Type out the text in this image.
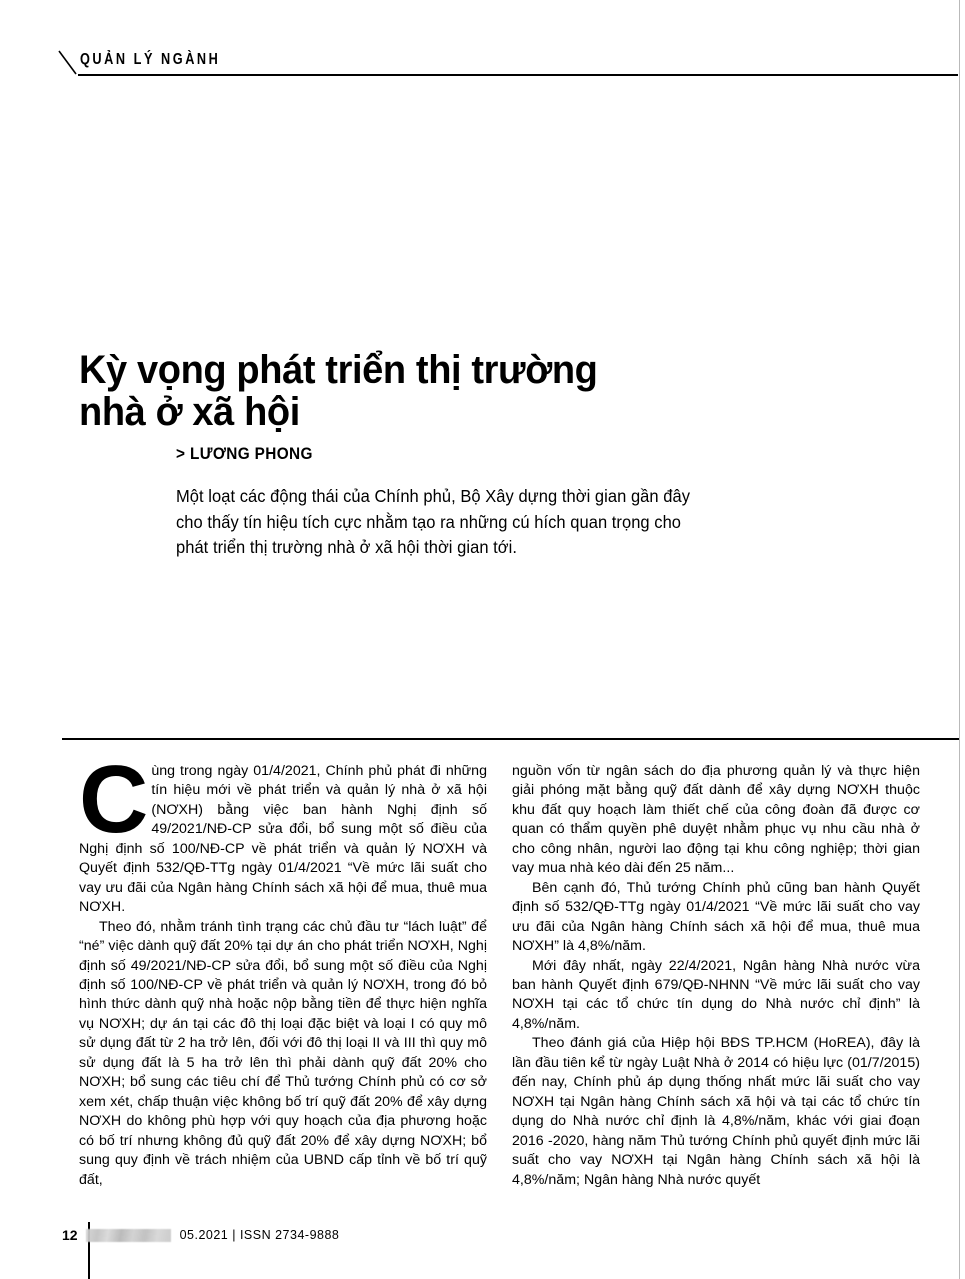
QUẢN LÝ NGÀNH
Kỳ vọng phát triển thị trường
nhà ở xã hội
> LƯƠNG PHONG
Một loạt các động thái của Chính phủ, Bộ Xây dựng thời gian gần đây cho thấy tín hiệu tích cực nhằm tạo ra những cú hích quan trọng cho phát triển thị trường nhà ở xã hội thời gian tới.

Cùng trong ngày 01/4/2021, Chính phủ phát đi những tín hiệu mới về phát triển và quản lý nhà ở xã hội (NƠXH) bằng việc ban hành Nghị định số 49/2021/NĐ-CP sửa đổi, bổ sung một số điều của Nghị định số 100/NĐ-CP về phát triển và quản lý NƠXH và Quyết định 532/QĐ-TTg ngày 01/4/2021 “Về mức lãi suất cho vay ưu đãi của Ngân hàng Chính sách xã hội để mua, thuê mua NƠXH.

Theo đó, nhằm tránh tình trạng các chủ đầu tư “lách luật” để “né” việc dành quỹ đất 20% tại dự án cho phát triển NƠXH, Nghị định số 49/2021/NĐ-CP sửa đổi, bổ sung một số điều của Nghị định số 100/NĐ-CP về phát triển và quản lý NƠXH, trong đó bỏ hình thức dành quỹ nhà hoặc nộp bằng tiền để thực hiện nghĩa vụ NƠXH; dự án tại các đô thị loại đặc biệt và loại I có quy mô sử dụng đất từ 2 ha trở lên, đối với đô thị loại II và III thì quy mô sử dụng đất là 5 ha trở lên thì phải dành quỹ đất 20% cho NƠXH; bổ sung các tiêu chí để Thủ tướng Chính phủ có cơ sở xem xét, chấp thuận việc không bố trí quỹ đất 20% để xây dựng NƠXH do không phù hợp với quy hoạch của địa phương hoặc có bố trí nhưng không đủ quỹ đất 20% để xây dựng NƠXH; bổ sung quy định về trách nhiệm của UBND cấp tỉnh về bố trí quỹ đất,

nguồn vốn từ ngân sách do địa phương quản lý và thực hiện giải phóng mặt bằng quỹ đất dành để xây dựng NƠXH thuộc khu đất quy hoạch làm thiết chế của công đoàn đã được cơ quan có thẩm quyền phê duyệt nhằm phục vụ nhu cầu nhà ở cho công nhân, người lao động tại khu công nghiệp; thời gian vay mua nhà kéo dài đến 25 năm...

Bên cạnh đó, Thủ tướng Chính phủ cũng ban hành Quyết định số 532/QĐ-TTg ngày 01/4/2021 “Về mức lãi suất cho vay ưu đãi của Ngân hàng Chính sách xã hội để mua, thuê mua NƠXH” là 4,8%/năm.

Mới đây nhất, ngày 22/4/2021, Ngân hàng Nhà nước vừa ban hành Quyết định 679/QĐ-NHNN “Về mức lãi suất cho vay NƠXH tại các tổ chức tín dụng do Nhà nước chỉ định” là 4,8%/năm.

Theo đánh giá của Hiệp hội BĐS TP.HCM (HoREA), đây là lần đầu tiên kể từ ngày Luật Nhà ở 2014 có hiệu lực (01/7/2015) đến nay, Chính phủ áp dụng thống nhất mức lãi suất cho vay NƠXH tại Ngân hàng Chính sách xã hội và tại các tổ chức tín dụng do Nhà nước chỉ định là 4,8%/năm, khác với giai đoạn 2016 -2020, hàng năm Thủ tướng Chính phủ quyết định mức lãi suất cho vay NƠXH tại Ngân hàng Chính sách xã hội là 4,8%/năm; Ngân hàng Nhà nước quyết

12	05.2021 | ISSN 2734-9888
